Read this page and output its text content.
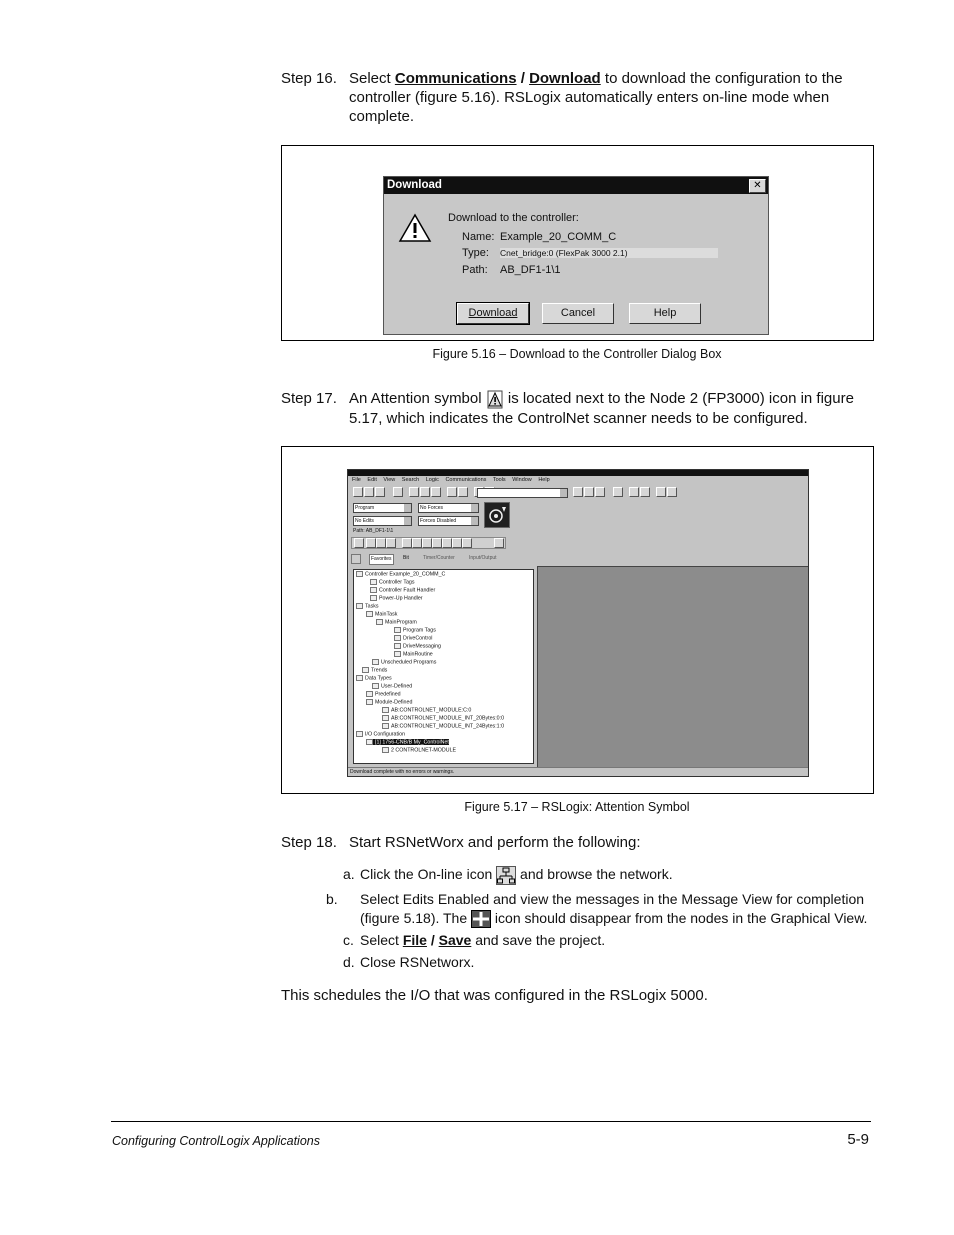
Step 16. Select Communications / Download to download the configuration to the controller (figure 5.16). RSLogix automatically enters on-line mode when complete.
Download	✕
Download to the controller:
Name: Example_20_COMM_C
Type: Cnet_bridge:0 (FlexPak 3000 2.1)
Path: AB_DF1-1\1
Download	Cancel	Help
Figure 5.16 – Download to the Controller Dialog Box
Step 17. An Attention symbol  is located next to the Node 2 (FP3000) icon in figure 5.17, which indicates the ControlNet scanner needs to be configured.
File Edit View Search Logic Communications Tools Window Help
Program	No Forces
No Edits	Forces Disabled
Path: AB_DF1-1\1
Favorites	Bit	Timer/Counter	Input/Output
Controller Example_20_COMM_C
Controller Tags
Controller Fault Handler
Power-Up Handler
Tasks
MainTask
MainProgram
Program Tags
DriveControl
DriveMessaging
MainRoutine
Unscheduled Programs
Trends
Data Types
User-Defined
Predefined
Module-Defined
AB:CONTROLNET_MODULE:C:0
AB:CONTROLNET_MODULE_INT_20Bytes:0:0
AB:CONTROLNET_MODULE_INT_24Bytes:1:0
I/O Configuration
[1] 1756-CNB/B My_ControlNet
2 CONTROLNET-MODULE
Download complete with no errors or warnings.
Figure 5.17 – RSLogix: Attention Symbol
Step 18. Start RSNetWorx and perform the following:
a. Click the On-line icon  and browse the network.
b. Select Edits Enabled and view the messages in the Message View for completion (figure 5.18). The  icon should disappear from the nodes in the Graphical View.
c. Select File / Save and save the project.
d. Close RSNetworx.
This schedules the I/O that was configured in the RSLogix 5000.
Configuring ControlLogix Applications	5-9
